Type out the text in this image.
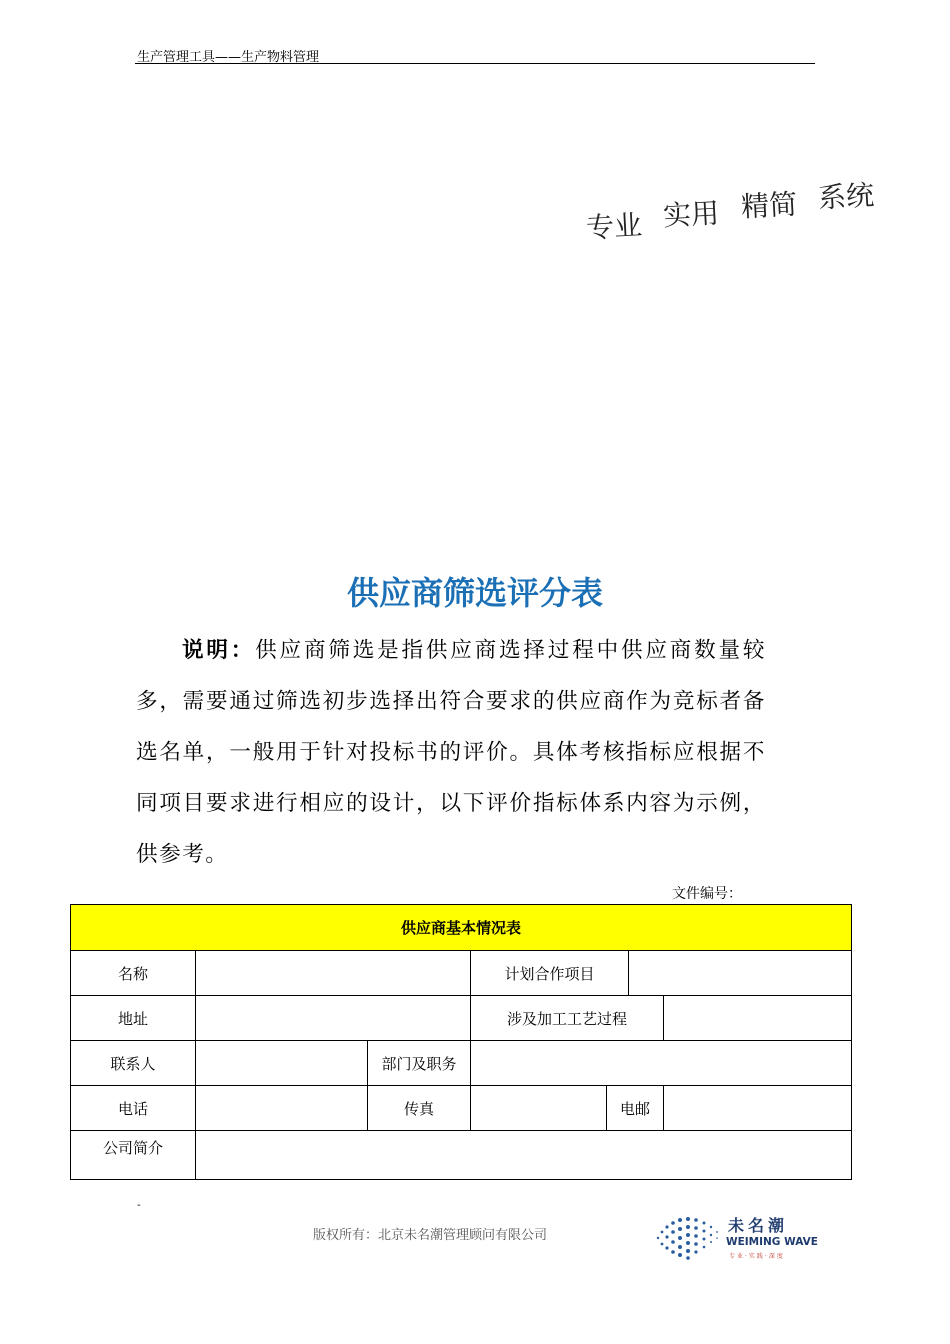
生产管理工具——生产物料管理
专业 实用 精简 系统
供应商筛选评分表
说明：供应商筛选是指供应商选择过程中供应商数量较多，需要通过筛选初步选择出符合要求的供应商作为竞标者备选名单，一般用于针对投标书的评价。具体考核指标应根据不同项目要求进行相应的设计，以下评价指标体系内容为示例，供参考。
文件编号：
供应商基本情况表						
名称			计划合作项目			
地址			涉及加工工艺过程			
联系人		部门及职务				
电话		传真		电邮		
公司简介						
-
版权所有：北京未名潮管理顾问有限公司
未名潮
WEIMING WAVE
专业·实践·深度
